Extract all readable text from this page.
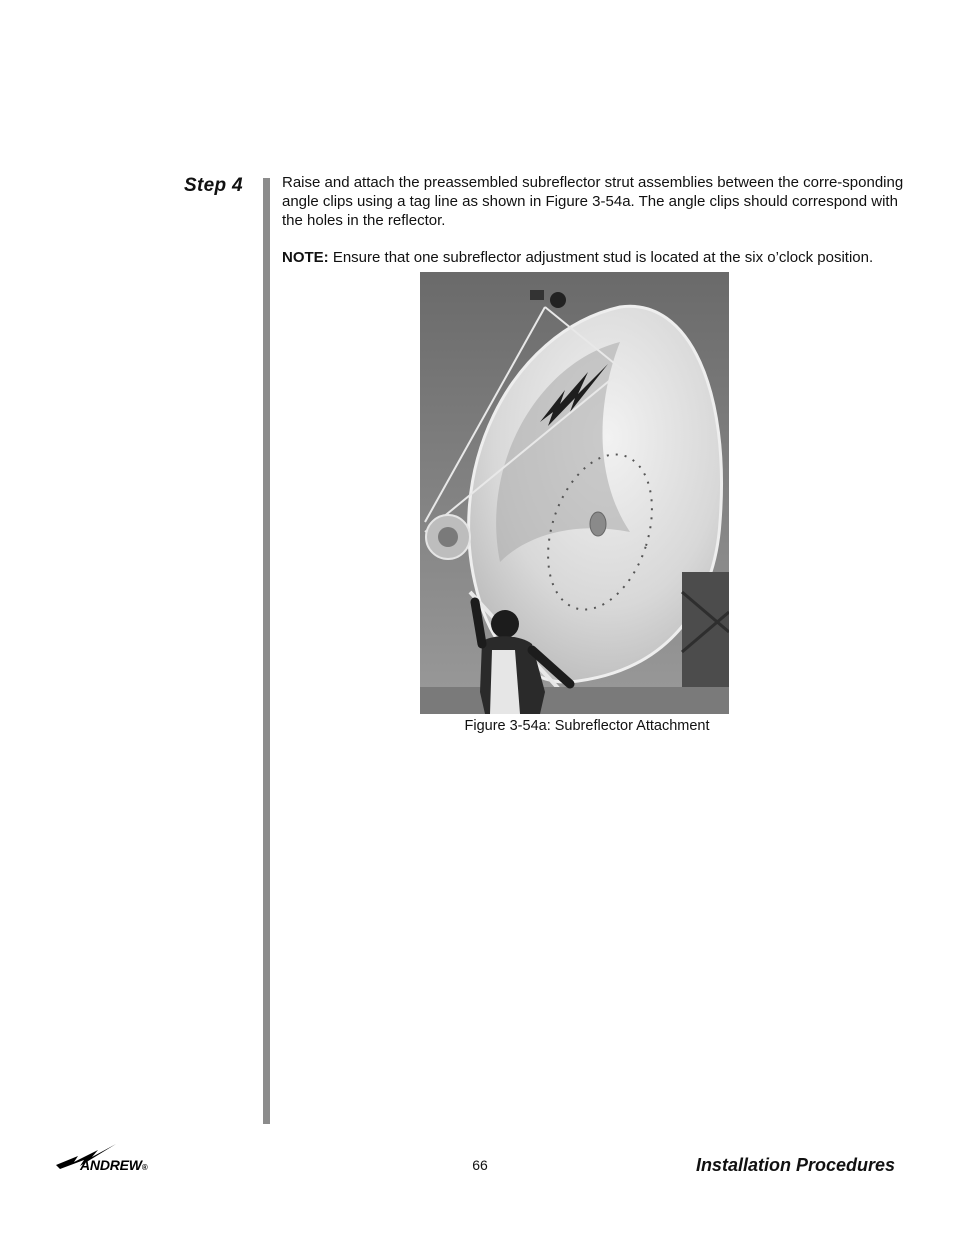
Step 4	Raise and attach the preassembled subreflector strut assemblies between the corre-sponding angle clips using a tag line as shown in Figure 3-54a. The angle clips should correspond with the holes in the reflector.

NOTE: Ensure that one subreflector adjustment stud is located at the six o’clock position.
Figure 3-54a: Subreflector Attachment
ANDREW®	66	Installation Procedures
